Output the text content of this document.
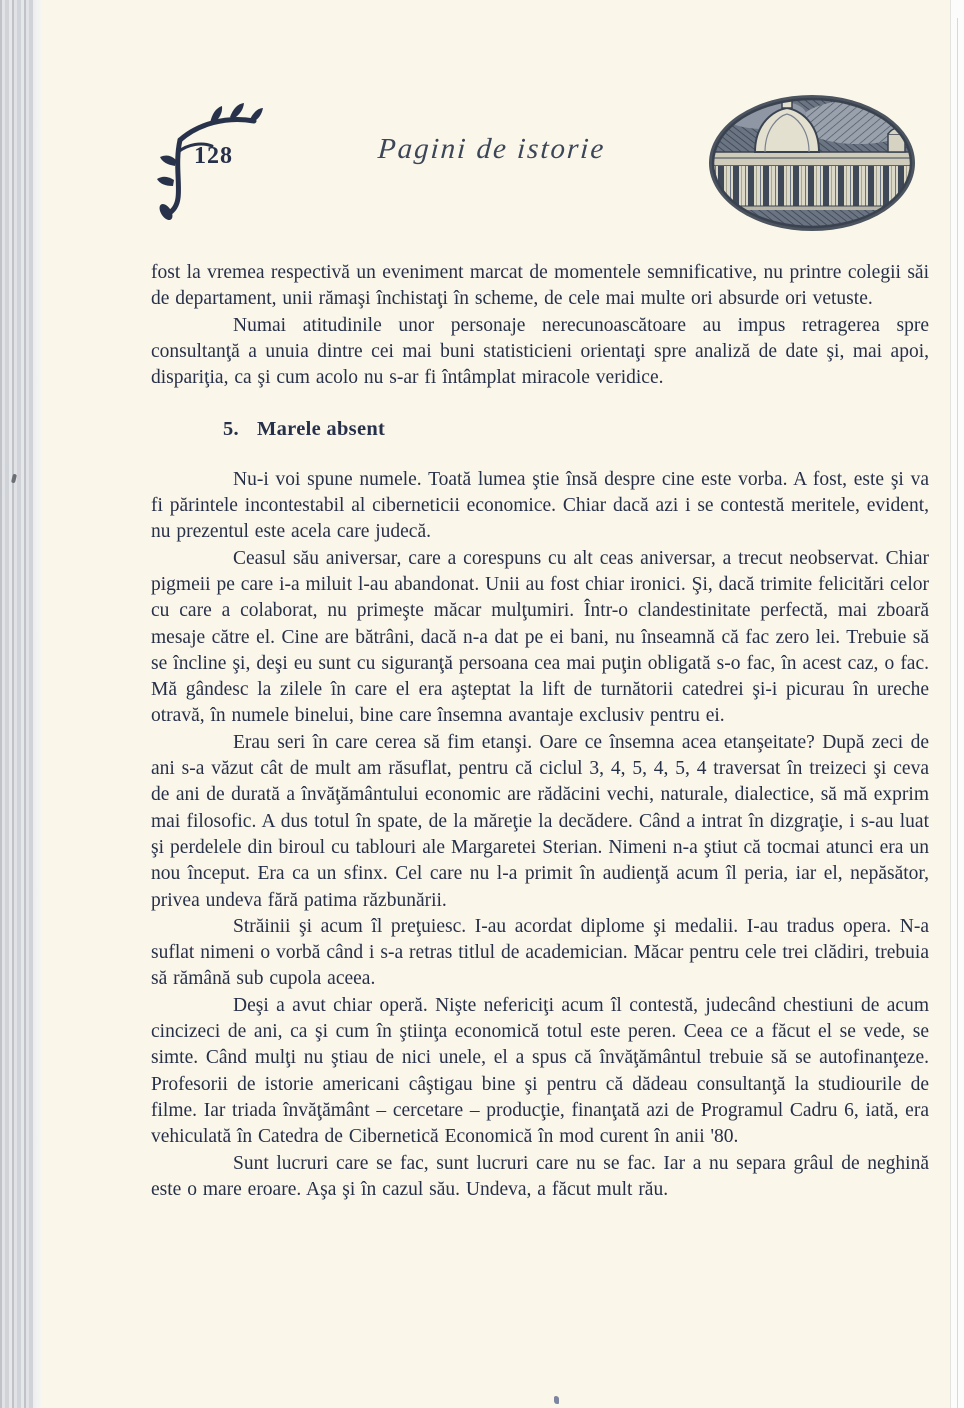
128	Pagini de istorie

fost la vremea respectivă un eveniment marcat de momentele semnificative, nu printre colegii săi de departament, unii rămaşi închistaţi în scheme, de cele mai multe ori absurde ori vetuste.

Numai atitudinile unor personaje nerecunoascătoare au impus retragerea spre consultanţă a unuia dintre cei mai buni statisticieni orientaţi spre analiză de date şi, mai apoi, dispariţia, ca şi cum acolo nu s-ar fi întâmplat miracole veridice.

5. Marele absent

Nu-i voi spune numele. Toată lumea ştie însă despre cine este vorba. A fost, este şi va fi părintele incontestabil al ciberneticii economice. Chiar dacă azi i se contestă meritele, evident, nu prezentul este acela care judecă.

Ceasul său aniversar, care a corespuns cu alt ceas aniversar, a trecut neobservat. Chiar pigmeii pe care i-a miluit l-au abandonat. Unii au fost chiar ironici. Şi, dacă trimite felicitări celor cu care a colaborat, nu primeşte măcar mulţumiri. Într-o clandestinitate perfectă, mai zboară mesaje către el. Cine are bătrâni, dacă n-a dat pe ei bani, nu înseamnă că fac zero lei. Trebuie să se încline şi, deşi eu sunt cu siguranţă persoana cea mai puţin obligată s-o fac, în acest caz, o fac. Mă gândesc la zilele în care el era aşteptat la lift de turnătorii catedrei şi-i picurau în ureche otravă, în numele binelui, bine care însemna avantaje exclusiv pentru ei.

Erau seri în care cerea să fim etanşi. Oare ce însemna acea etanşeitate? După zeci de ani s-a văzut cât de mult am răsuflat, pentru că ciclul 3, 4, 5, 4, 5, 4 traversat în treizeci şi ceva de ani de durată a învăţământului economic are rădăcini vechi, naturale, dialectice, să mă exprim mai filosofic. A dus totul în spate, de la măreţie la decădere. Când a intrat în dizgraţie, i s-au luat şi perdelele din biroul cu tablouri ale Margaretei Sterian. Nimeni n-a ştiut că tocmai atunci era un nou început. Era ca un sfinx. Cel care nu l-a primit în audienţă acum îl peria, iar el, nepăsător, privea undeva fără patima răzbunării.

Străinii şi acum îl preţuiesc. I-au acordat diplome şi medalii. I-au tradus opera. N-a suflat nimeni o vorbă când i s-a retras titlul de academician. Măcar pentru cele trei clădiri, trebuia să rămână sub cupola aceea.

Deşi a avut chiar operă. Nişte nefericiţi acum îl contestă, judecând chestiuni de acum cincizeci de ani, ca şi cum în ştiinţa economică totul este peren. Ceea ce a făcut el se vede, se simte. Când mulţi nu ştiau de nici unele, el a spus că învăţământul trebuie să se autofinanţeze. Profesorii de istorie americani câştigau bine şi pentru că dădeau consultanţă la studiourile de filme. Iar triada învăţământ – cercetare – producţie, finanţată azi de Programul Cadru 6, iată, era vehiculată în Catedra de Cibernetică Economică în mod curent în anii '80.

Sunt lucruri care se fac, sunt lucruri care nu se fac. Iar a nu separa grâul de neghină este o mare eroare. Aşa şi în cazul său. Undeva, a făcut mult rău.
